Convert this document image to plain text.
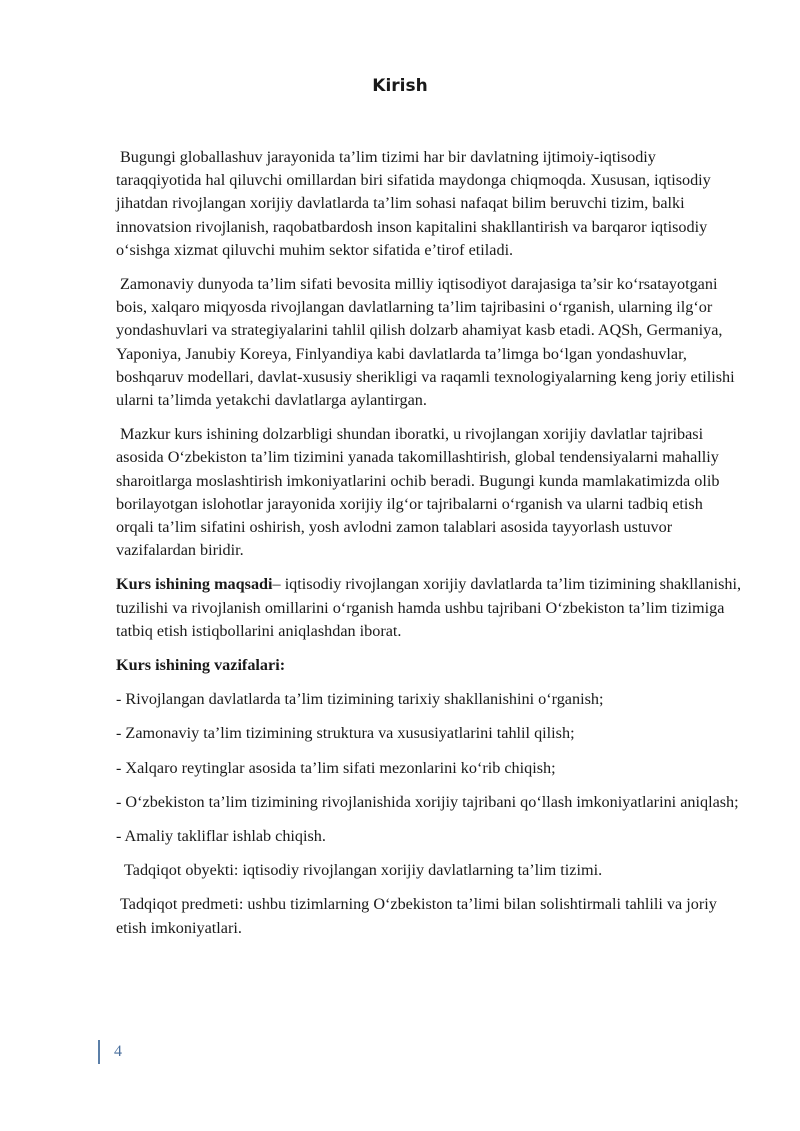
Kirish

Bugungi globallashuv jarayonida ta’lim tizimi har bir davlatning ijtimoiy-iqtisodiy taraqqiyotida hal qiluvchi omillardan biri sifatida maydonga chiqmoqda. Xususan, iqtisodiy jihatdan rivojlangan xorijiy davlatlarda ta’lim sohasi nafaqat bilim beruvchi tizim, balki innovatsion rivojlanish, raqobatbardosh inson kapitalini shakllantirish va barqaror iqtisodiy o‘sishga xizmat qiluvchi muhim sektor sifatida e’tirof etiladi.

Zamonaviy dunyoda ta’lim sifati bevosita milliy iqtisodiyot darajasiga ta’sir ko‘rsatayotgani bois, xalqaro miqyosda rivojlangan davlatlarning ta’lim tajribasini o‘rganish, ularning ilg‘or yondashuvlari va strategiyalarini tahlil qilish dolzarb ahamiyat kasb etadi. AQSh, Germaniya, Yaponiya, Janubiy Koreya, Finlyandiya kabi davlatlarda ta’limga bo‘lgan yondashuvlar, boshqaruv modellari, davlat-xususiy sherikligi va raqamli texnologiyalarning keng joriy etilishi ularni ta’limda yetakchi davlatlarga aylantirgan.

Mazkur kurs ishining dolzarbligi shundan iboratki, u rivojlangan xorijiy davlatlar tajribasi asosida O‘zbekiston ta’lim tizimini yanada takomillashtirish, global tendensiyalarni mahalliy sharoitlarga moslashtirish imkoniyatlarini ochib beradi. Bugungi kunda mamlakatimizda olib borilayotgan islohotlar jarayonida xorijiy ilg‘or tajribalarni o‘rganish va ularni tadbiq etish orqali ta’lim sifatini oshirish, yosh avlodni zamon talablari asosida tayyorlash ustuvor vazifalardan biridir.

Kurs ishining maqsadi– iqtisodiy rivojlangan xorijiy davlatlarda ta’lim tizimining shakllanishi, tuzilishi va rivojlanish omillarini o‘rganish hamda ushbu tajribani O‘zbekiston ta’lim tizimiga tatbiq etish istiqbollarini aniqlashdan iborat.

Kurs ishining vazifalari:

- Rivojlangan davlatlarda ta’lim tizimining tarixiy shakllanishini o‘rganish;

- Zamonaviy ta’lim tizimining struktura va xususiyatlarini tahlil qilish;

- Xalqaro reytinglar asosida ta’lim sifati mezonlarini ko‘rib chiqish;

- O‘zbekiston ta’lim tizimining rivojlanishida xorijiy tajribani qo‘llash imkoniyatlarini aniqlash;

- Amaliy takliflar ishlab chiqish.

Tadqiqot obyekti: iqtisodiy rivojlangan xorijiy davlatlarning ta’lim tizimi.

Tadqiqot predmeti: ushbu tizimlarning O‘zbekiston ta’limi bilan solishtirmali tahlili va joriy etish imkoniyatlari.

4
